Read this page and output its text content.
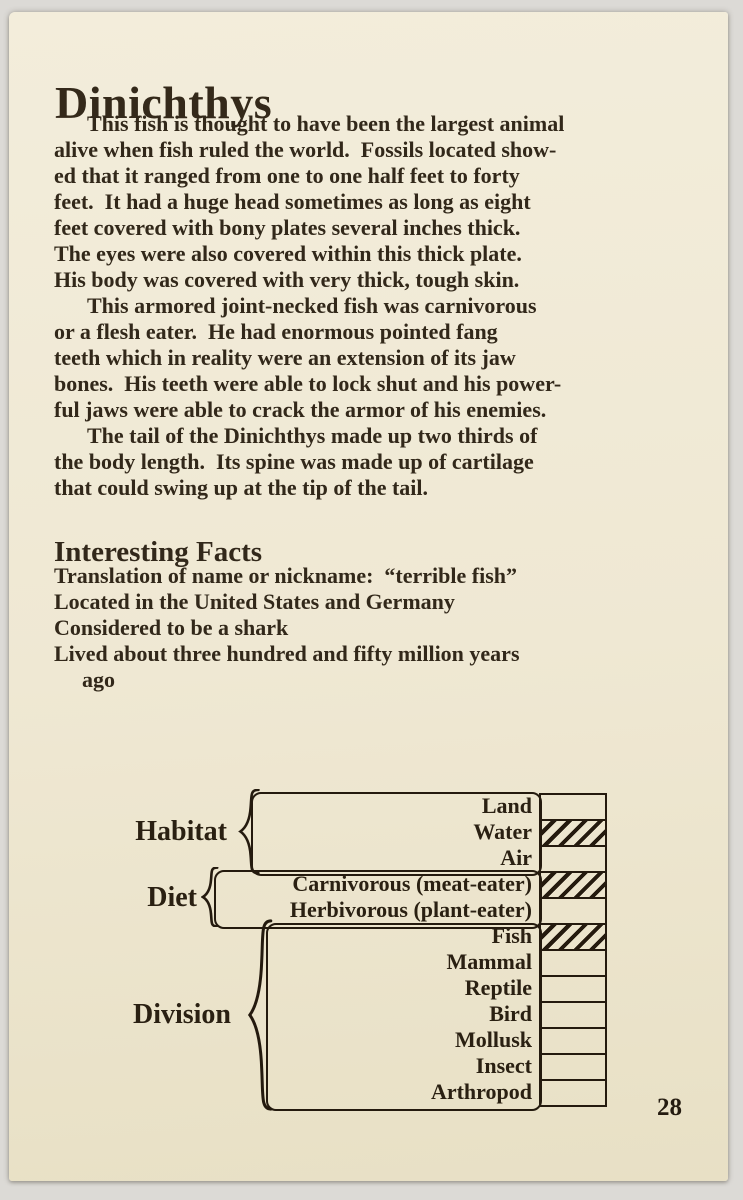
Dinichthys
This fish is thought to have been the largest animal
alive when fish ruled the world.  Fossils located show-
ed that it ranged from one to one half feet to forty
feet.  It had a huge head sometimes as long as eight
feet covered with bony plates several inches thick.
The eyes were also covered within this thick plate.
His body was covered with very thick, tough skin.
This armored joint-necked fish was carnivorous
or a flesh eater.  He had enormous pointed fang
teeth which in reality were an extension of its jaw
bones.  His teeth were able to lock shut and his power-
ful jaws were able to crack the armor of his enemies.
The tail of the Dinichthys made up two thirds of
the body length.  Its spine was made up of cartilage
that could swing up at the tip of the tail.
Interesting Facts
Translation of name or nickname:  “terrible fish”
Located in the United States and Germany
Considered to be a shark
Lived about three hundred and fifty million years
ago
Habitat
Diet
Division
Land
Water
Air
Carnivorous (meat-eater)
Herbivorous (plant-eater)
Fish
Mammal
Reptile
Bird
Mollusk
Insect
Arthropod
28
